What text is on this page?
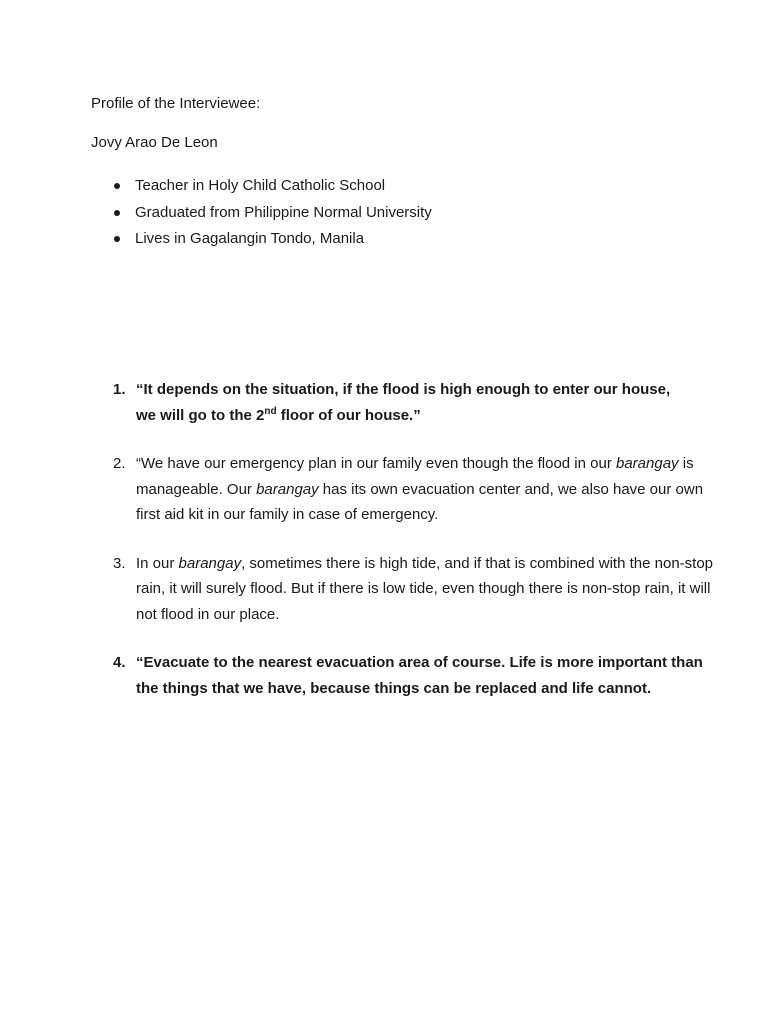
Profile of the Interviewee:

Jovy Arao De Leon

Teacher in Holy Child Catholic School
Graduated from Philippine Normal University
Lives in Gagalangin Tondo, Manila
1. “It depends on the situation, if the flood is high enough to enter our house,
we will go to the 2nd floor of our house.”
2. “We have our emergency plan in our family even though the flood in our barangay is manageable. Our barangay has its own evacuation center and, we also have our own first aid kit in our family in case of emergency.
3. In our barangay, sometimes there is high tide, and if that is combined with the non-stop rain, it will surely flood. But if there is low tide, even though there is non-stop rain, it will not flood in our place.
4. “Evacuate to the nearest evacuation area of course. Life is more important than the things that we have, because things can be replaced and life cannot.
